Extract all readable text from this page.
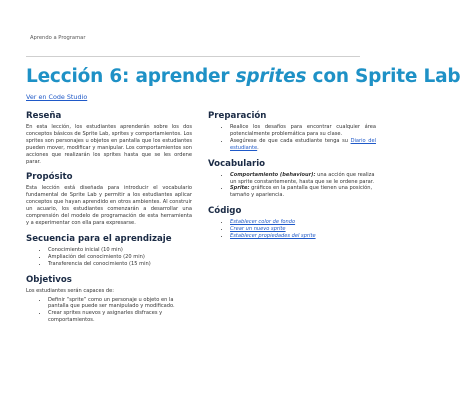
Aprendo a Programar
Lección 6: aprender sprites con Sprite Lab
Ver en Code Studio
Reseña

En esta lección, los estudiantes aprenderán sobre los dos conceptos básicos de Sprite Lab, sprites y comportamientos. Los sprites son personajes u objetos en pantalla que los estudiantes pueden mover, modificar y manipular. Los comportamientos son acciones que realizarán los sprites hasta que se les ordene parar.

Propósito

Esta lección está diseñada para introducir el vocabulario fundamental de Sprite Lab y permitir a los estudiantes aplicar conceptos que hayan aprendido en otros ambientes. Al construir un acuario, los estudiantes comenzarán a desarrollar una comprensión del modelo de programación de esta herramienta y a experimentar con ella para expresarse.

Secuencia para el aprendizaje
• Conocimiento inicial (10 min)
• Ampliación del conocimiento (20 min)
• Transferencia del conocimiento (15 min)
Objetivos

Los estudiantes serán capaces de:

• Definir “sprite” como un personaje u objeto en la pantalla que puede ser manipulado y modificado.
• Crear sprites nuevos y asignarles disfraces y comportamientos.
Preparación
• Realice los desafíos para encontrar cualquier área potencialmente problemática para su clase.
• Asegúrese de que cada estudiante tenga su Diario del estudiante.
Vocabulario
• Comportamiento (behaviour): una acción que realiza un sprite constantemente, hasta que se le ordene parar.
• Sprite: gráficos en la pantalla que tienen una posición, tamaño y apariencia.
Código
• Establecer color de fondo
• Crear un nuevo sprite
• Establecer propiedades del sprite
